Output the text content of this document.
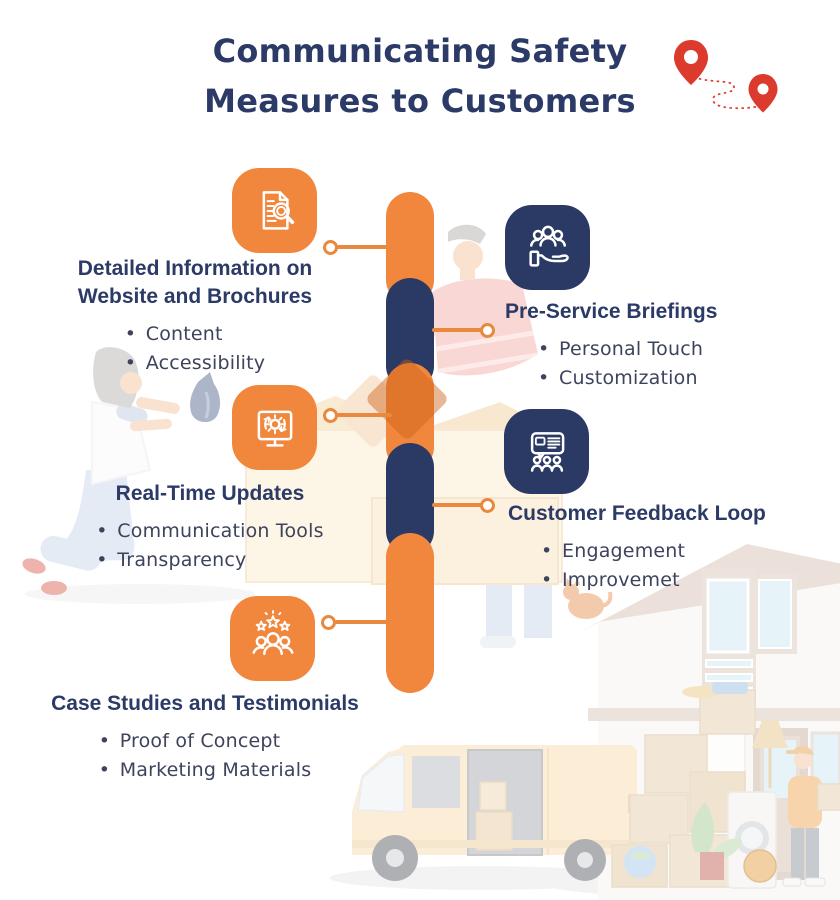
Communicating Safety
Measures to Customers
Detailed Information on Website and Brochures
• Content
• Accessibility
Pre-Service Briefings
• Personal Touch
• Customization
Real-Time Updates
• Communication Tools
• Transparency
Customer Feedback Loop
• Engagement
• Improvemet
Case Studies and Testimonials
• Proof of Concept
• Marketing Materials
